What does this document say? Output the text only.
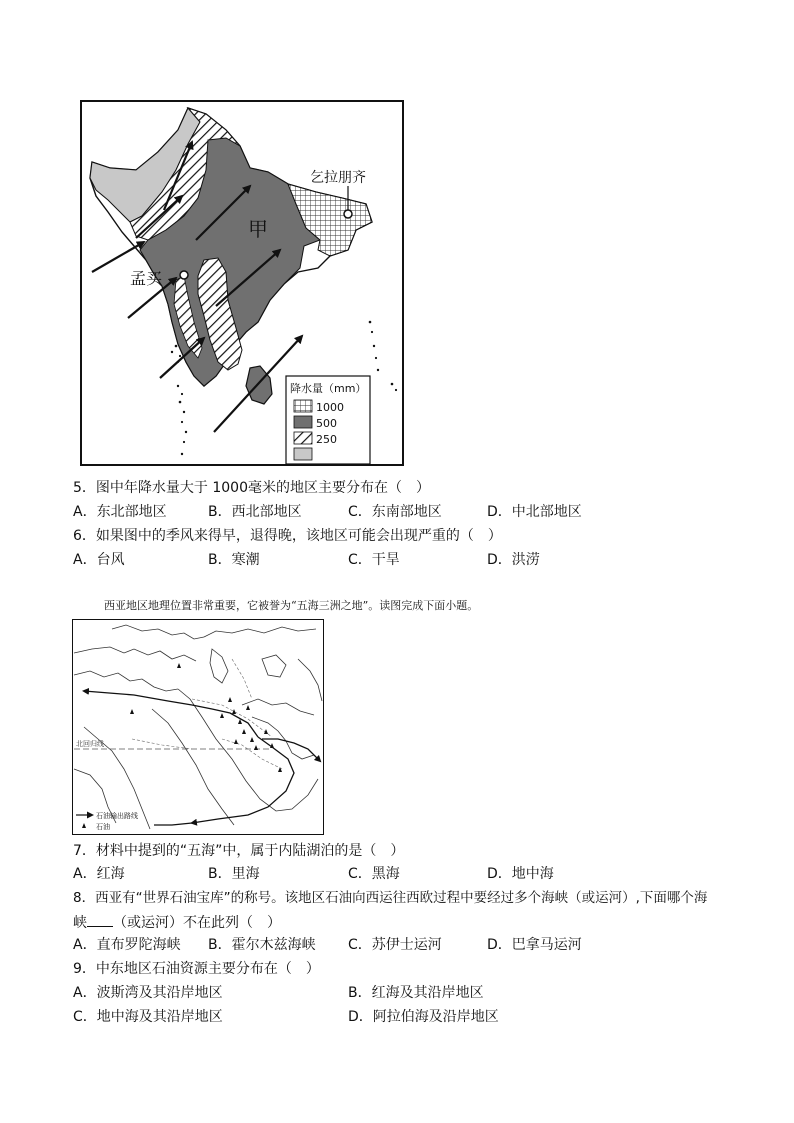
甲
孟买
乞拉朋齐
降水量（mm）
1000
500
250
5．图中年降水量大于 1000毫米的地区主要分布在（　）
A．东北部地区	B．西北部地区	C．东南部地区	D．中北部地区
6．如果图中的季风来得早，退得晚，该地区可能会出现严重的（　）
A．台风	B．寒潮	C．干旱	D．洪涝
西亚地区地理位置非常重要，它被誉为“五海三洲之地”。读图完成下面小题。
北回归线
石油输出路线
石油
7．材料中提到的“五海”中，属于内陆湖泊的是（　）
A．红海	B．里海	C．黑海	D．地中海
8．西亚有“世界石油宝库”的称号。该地区石油向西运往西欧过程中要经过多个海峡（或运河）,下面哪个海
峡 （或运河）不在此列（　）
A．直布罗陀海峡 B．霍尔木兹海峡 C．苏伊士运河	D．巴拿马运河
9．中东地区石油资源主要分布在（　）
A．波斯湾及其沿岸地区	B．红海及其沿岸地区
C．地中海及其沿岸地区	D．阿拉伯海及沿岸地区
